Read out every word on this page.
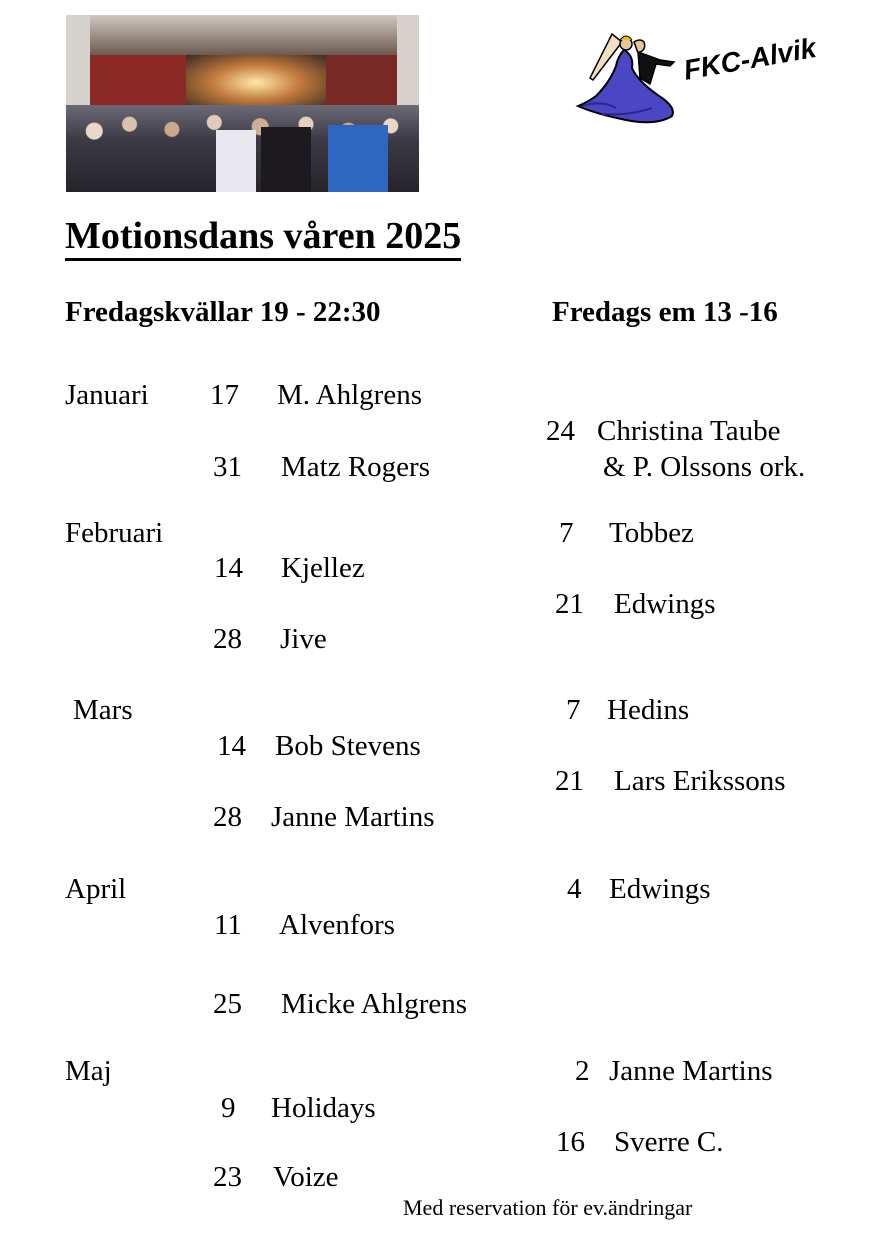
FKC-Alvik
Motionsdans våren 2025
Fredagskvällar 19 - 22:30	Fredags em 13 -16
Januari
Februari
Mars
April
Maj
17 M. Ahlgrens
31 Matz Rogers
14 Kjellez
28 Jive
14 Bob Stevens
28 Janne Martins
11 Alvenfors
25 Micke Ahlgrens
9 Holidays
23 Voize
24 Christina Taube
& P. Olssons ork.
7 Tobbez
21 Edwings
7 Hedins
21 Lars Erikssons
4 Edwings
2 Janne Martins
16 Sverre C.
Med reservation för ev.ändringar
